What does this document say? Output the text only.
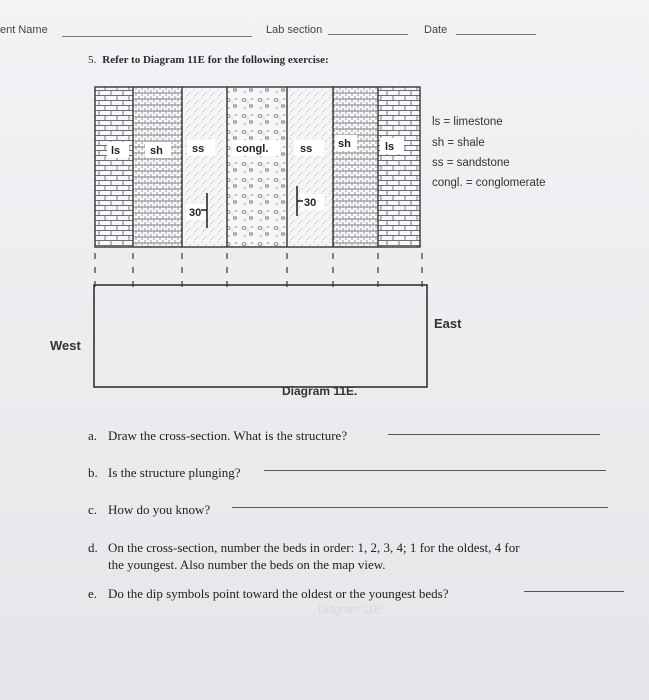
ent Name	Lab section	Date
5. Refer to Diagram 11E for the following exercise:
ls	sh	ss	congl.	ss sh	ls
30
30
ls = limestone
sh = shale
ss = sandstone
congl. = conglomerate
West
East
Diagram 11E.
a. Draw the cross-section. What is the structure?
b. Is the structure plunging?
c. How do you know?
d. On the cross-section, number the beds in order: 1, 2, 3, 4; 1 for the oldest, 4 for
the youngest. Also number the beds on the map view.
e. Do the dip symbols point toward the oldest or the youngest beds?
Diagram 11E
